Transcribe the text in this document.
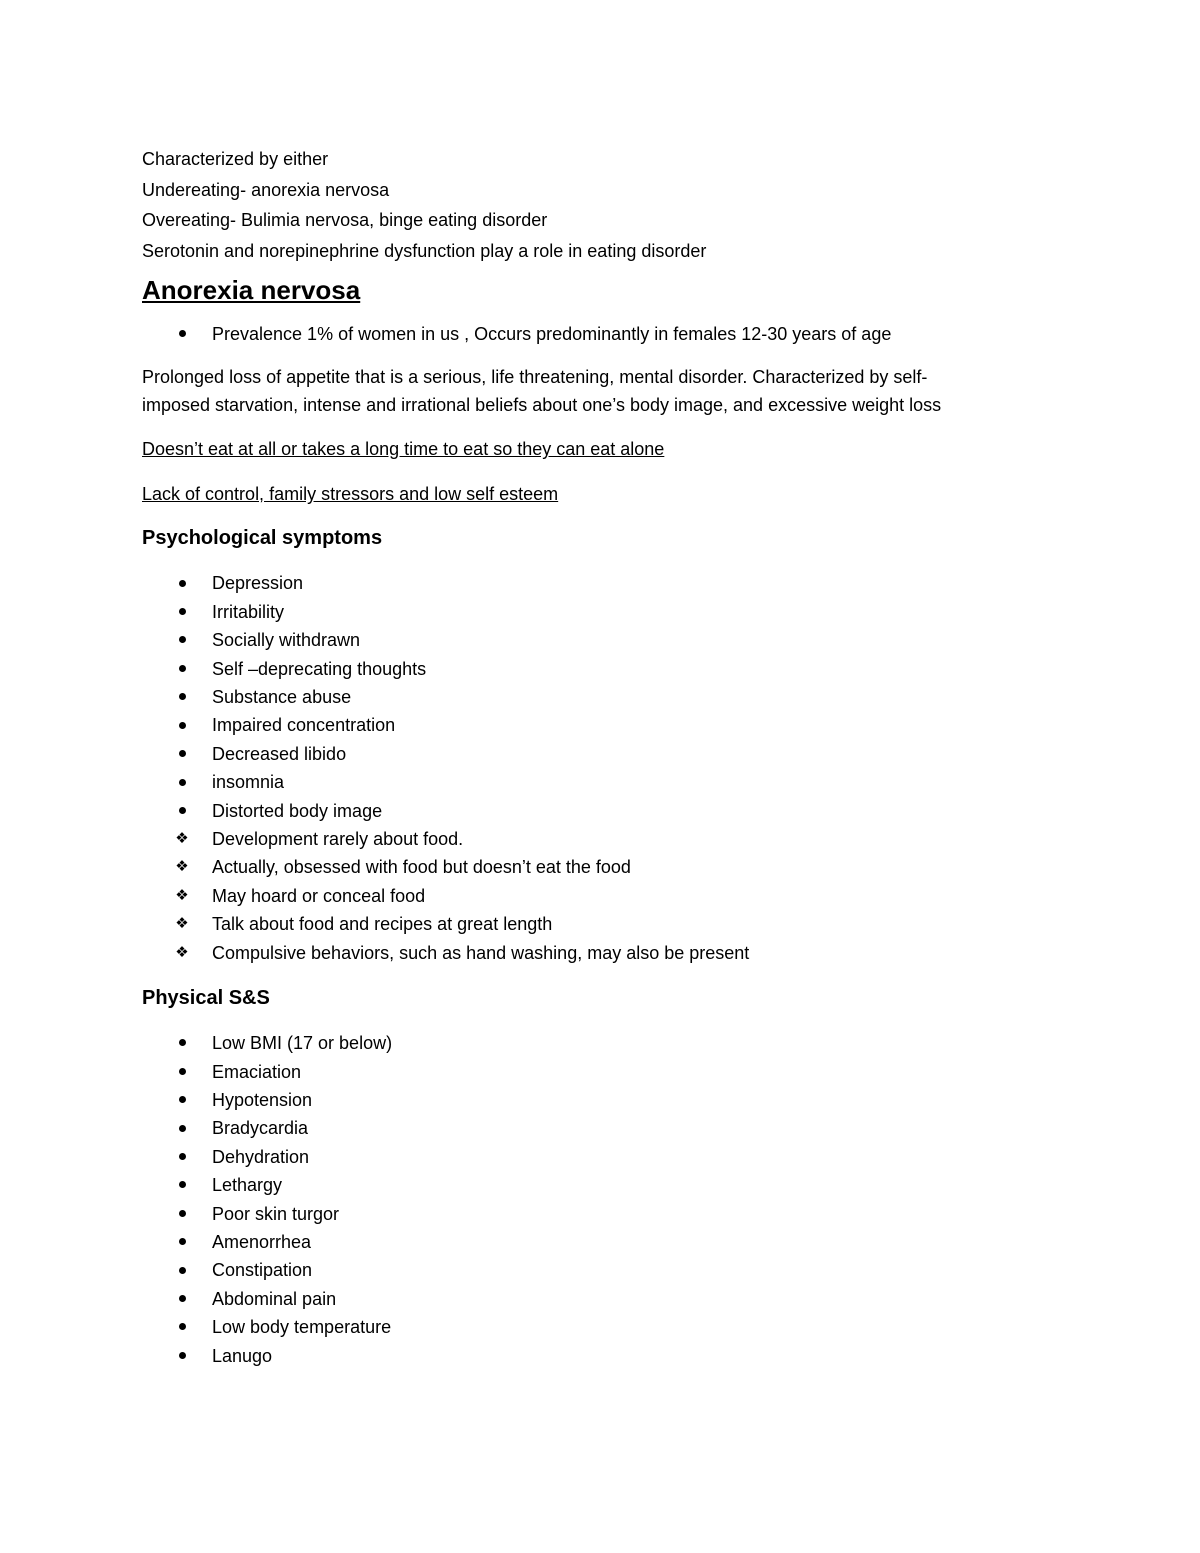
Characterized by either

Undereating- anorexia nervosa

Overeating- Bulimia nervosa, binge eating disorder

Serotonin and norepinephrine dysfunction play a role in eating disorder

Anorexia nervosa
Prevalence 1% of women in us , Occurs predominantly in females 12-30 years of age

Prolonged loss of appetite that is a serious, life threatening, mental disorder. Characterized by self-

imposed starvation, intense and irrational beliefs about one’s body image, and excessive weight loss

Doesn’t eat at all or takes a long time to eat so they can eat alone

Lack of control, family stressors and low self esteem

Psychological symptoms
Depression
Irritability
Socially withdrawn
Self –deprecating thoughts
Substance abuse
Impaired concentration
Decreased libido
insomnia
Distorted body image
❖ Development rarely about food.
❖ Actually, obsessed with food but doesn’t eat the food
❖ May hoard or conceal food
❖ Talk about food and recipes at great length
❖ Compulsive behaviors, such as hand washing, may also be present
Physical S&S
Low BMI (17 or below)
Emaciation
Hypotension
Bradycardia
Dehydration
Lethargy
Poor skin turgor
Amenorrhea
Constipation
Abdominal pain
Low body temperature
Lanugo
